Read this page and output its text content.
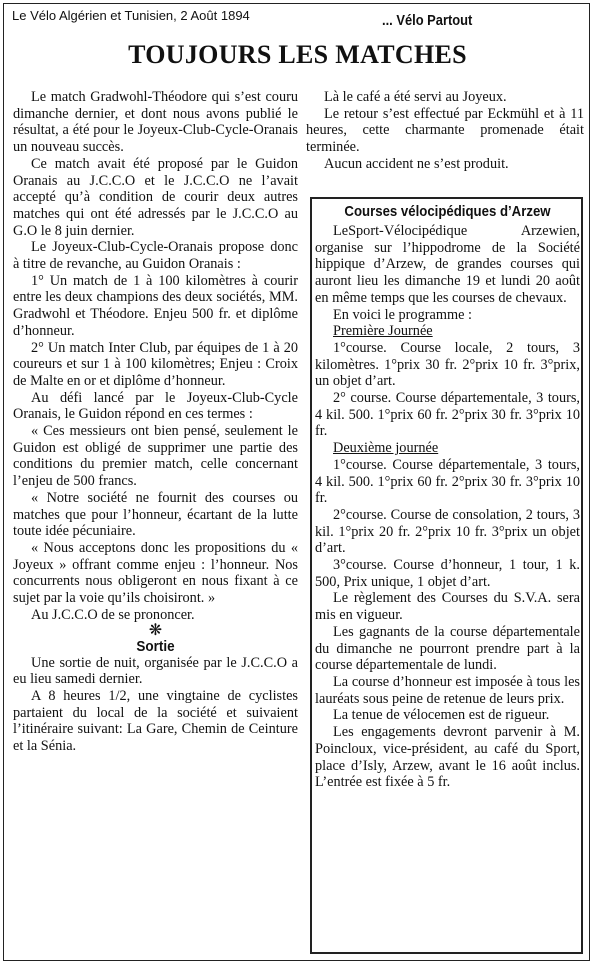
Le Vélo Algérien et Tunisien, 2 Août 1894	... Vélo Partout
TOUJOURS LES MATCHES

Le match Gradwohl-Théodore qui s’est couru dimanche dernier, et dont nous avons publié le résultat, a été pour le Joyeux-Club-Cycle-Oranais un nouveau succès.

Ce match avait été proposé par le Guidon Oranais au J.C.C.O et le J.C.C.O ne l’avait accepté qu’à condition de courir deux autres matches qui ont été adressés par le J.C.C.O au G.O le 8 juin dernier.

Le Joyeux-Club-Cycle-Oranais propose donc à titre de revanche, au Guidon Oranais :

1° Un match de 1 à 100 kilomètres à courir entre les deux champions des deux sociétés, MM. Gradwohl et Théodore. Enjeu 500 fr. et diplôme d’honneur.

2° Un match Inter Club, par équipes de 1 à 20 coureurs et sur 1 à 100 kilomètres; Enjeu : Croix de Malte en or et diplôme d’honneur.

Au défi lancé par le Joyeux-Club-Cycle Oranais, le Guidon répond en ces termes :

« Ces messieurs ont bien pensé, seulement le Guidon est obligé de supprimer une partie des conditions du premier match, celle concernant l’enjeu de 500 francs.

« Notre société ne fournit des courses ou matches que pour l’honneur, écartant de la lutte toute idée pécuniaire.

« Nous acceptons donc les propositions du « Joyeux » offrant comme enjeu : l’honneur. Nos concurrents nous obligeront en nous fixant à ce sujet par la voie qu’ils choisiront. »

Au J.C.C.O de se prononcer.

❋

Sortie

Une sortie de nuit, organisée par le J.C.C.O a eu lieu samedi dernier.

A 8 heures 1/2, une vingtaine de cyclistes partaient du local de la société et suivaient l’itinéraire suivant: La Gare, Chemin de Ceinture et la Sénia.

Là le café a été servi au Joyeux.

Le retour s’est effectué par Eckmühl et à 11 heures, cette charmante promenade était terminée.

Aucun accident ne s’est produit.

Courses vélocipédiques d’Arzew

LeSport-Vélocipédique Arzewien, organise sur l’hippodrome de la Société hippique d’Arzew, de grandes courses qui auront lieu les dimanche 19 et lundi 20 août en même temps que les courses de chevaux.

En voici le programme :

Première Journée

1°course. Course locale, 2 tours, 3 kilomètres. 1°prix 30 fr. 2°prix 10 fr. 3°prix, un objet d’art.

2° course. Course départementale, 3 tours, 4 kil. 500. 1°prix 60 fr. 2°prix 30 fr. 3°prix 10 fr.

Deuxième journée

1°course. Course départementale, 3 tours, 4 kil. 500. 1°prix 60 fr. 2°prix 30 fr. 3°prix 10 fr.

2°course. Course de consolation, 2 tours, 3 kil. 1°prix 20 fr. 2°prix 10 fr. 3°prix un objet d’art.

3°course. Course d’honneur, 1 tour, 1 k. 500, Prix unique, 1 objet d’art.

Le règlement des Courses du S.V.A. sera mis en vigueur.

Les gagnants de la course départementale du dimanche ne pourront prendre part à la course départementale de lundi.

La course d’honneur est imposée à tous les lauréats sous peine de retenue de leurs prix.

La tenue de vélocemen est de rigueur.

Les engagements devront parvenir à M. Poincloux, vice-président, au café du Sport, place d’Isly, Arzew, avant le 16 août inclus. L’entrée est fixée à 5 fr.
